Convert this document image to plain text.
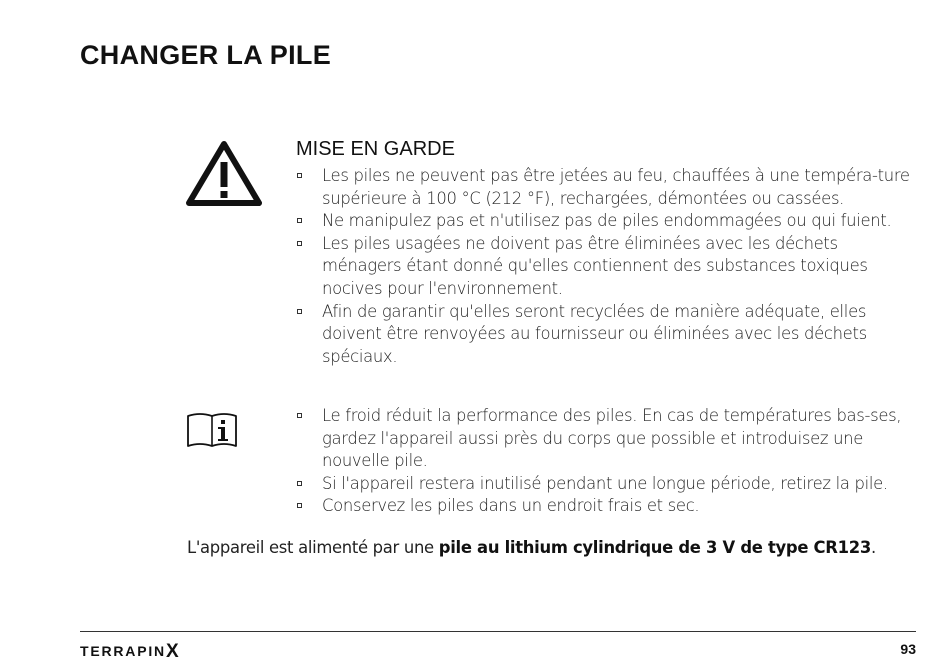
CHANGER LA PILE
MISE EN GARDE
Les piles ne peuvent pas être jetées au feu, chauffées à une tempéra-ture supérieure à 100 °C (212 °F), rechargées, démontées ou cassées.
Ne manipulez pas et n'utilisez pas de piles endommagées ou qui fuient.
Les piles usagées ne doivent pas être éliminées avec les déchets ménagers étant donné qu'elles contiennent des substances toxiques nocives pour l'environnement.
Afin de garantir qu'elles seront recyclées de manière adéquate, elles doivent être renvoyées au fournisseur ou éliminées avec les déchets spéciaux.
Le froid réduit la performance des piles. En cas de températures bas-ses, gardez l'appareil aussi près du corps que possible et introduisez une nouvelle pile.
Si l'appareil restera inutilisé pendant une longue période, retirez la pile.
Conservez les piles dans un endroit frais et sec.

L'appareil est alimenté par une pile au lithium cylindrique de 3 V de type CR123.

TERRAPINX	93
